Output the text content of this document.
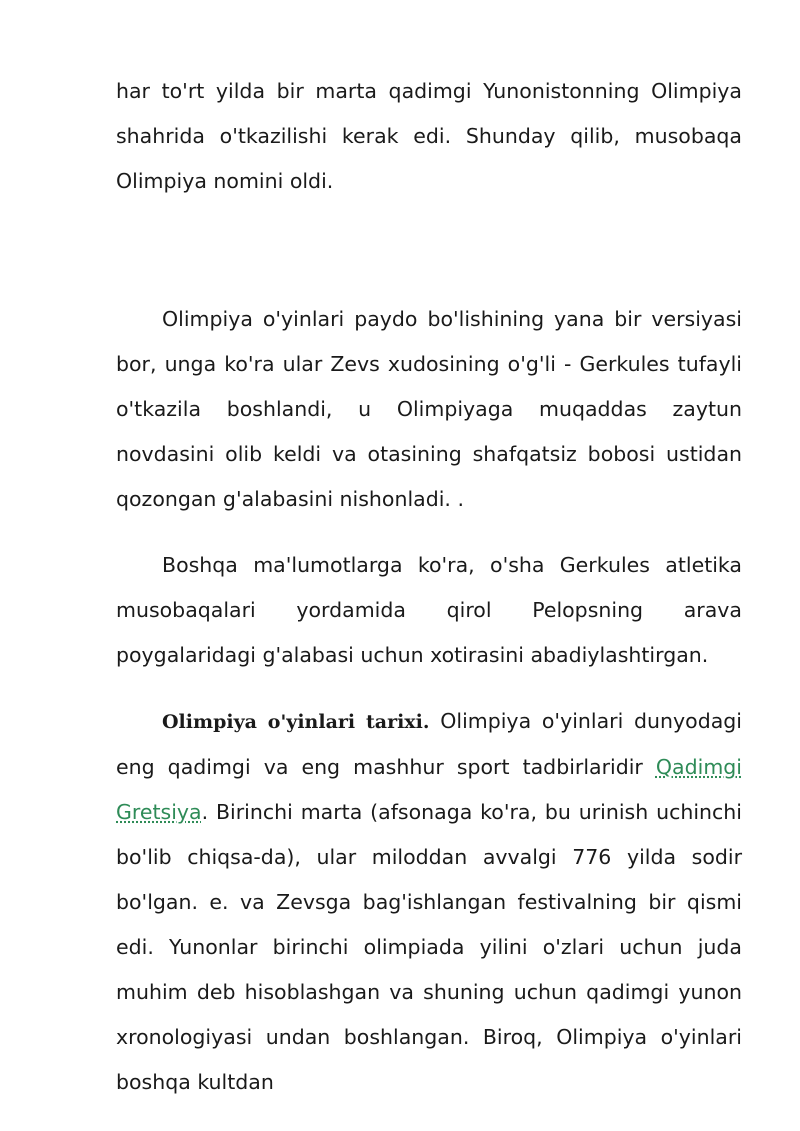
har to'rt yilda bir marta qadimgi Yunonistonning Olimpiya shahrida o'tkazilishi kerak edi. Shunday qilib, musobaqa Olimpiya nomini oldi.

Olimpiya o'yinlari paydo bo'lishining yana bir versiyasi bor, unga ko'ra ular Zevs xudosining o'g'li - Gerkules tufayli o'tkazila boshlandi, u Olimpiyaga muqaddas zaytun novdasini olib keldi va otasining shafqatsiz bobosi ustidan qozongan g'alabasini nishonladi. .

Boshqa ma'lumotlarga ko'ra, o'sha Gerkules atletika musobaqalari yordamida qirol Pelopsning arava poygalaridagi g'alabasi uchun xotirasini abadiylashtirgan.

Olimpiya o'yinlari tarixi. Olimpiya o'yinlari dunyodagi eng qadimgi va eng mashhur sport tadbirlaridir Qadimgi Gretsiya. Birinchi marta (afsonaga ko'ra, bu urinish uchinchi bo'lib chiqsa-da), ular miloddan avvalgi 776 yilda sodir bo'lgan. e. va Zevsga bag'ishlangan festivalning bir qismi edi. Yunonlar birinchi olimpiada yilini o'zlari uchun juda muhim deb hisoblashgan va shuning uchun qadimgi yunon xronologiyasi undan boshlangan. Biroq, Olimpiya o'yinlari boshqa kultdan
